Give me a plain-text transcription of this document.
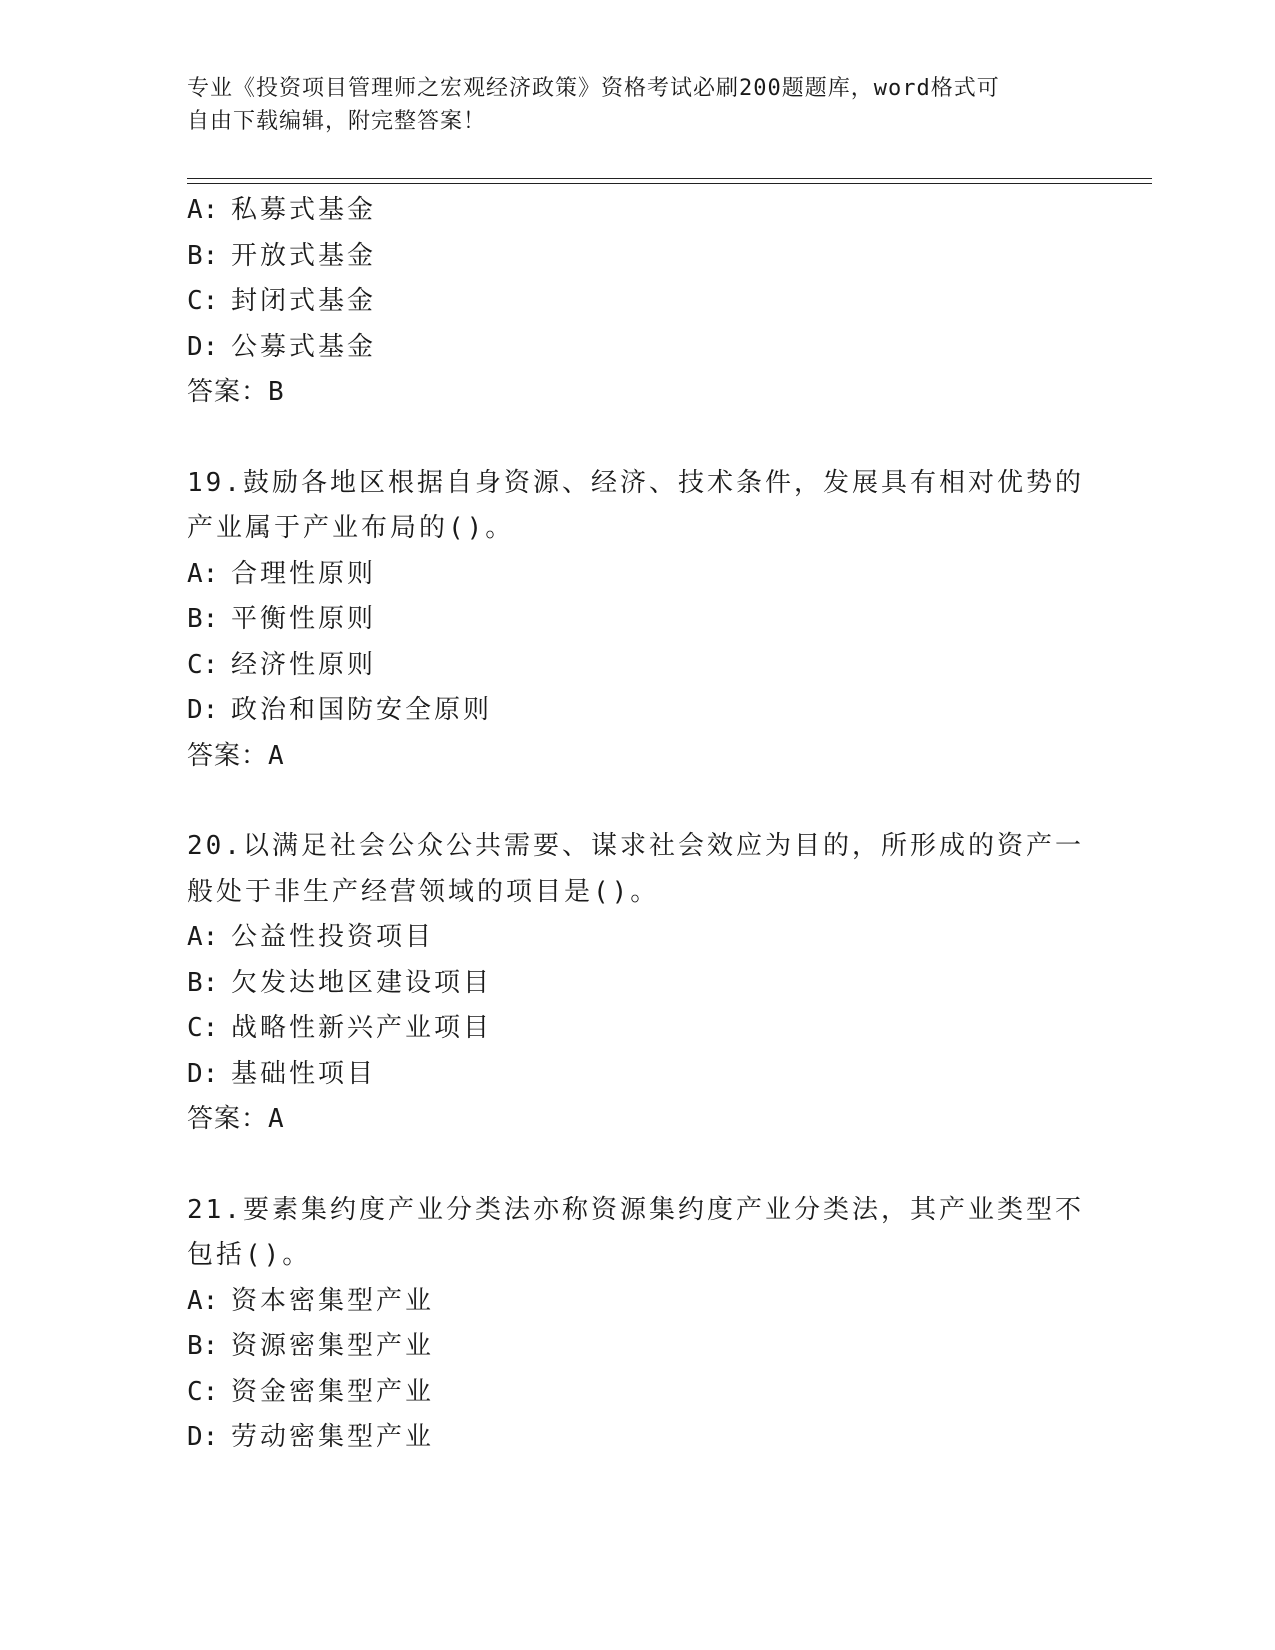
专业《投资项目管理师之宏观经济政策》资格考试必刷200题题库，word格式可
自由下载编辑，附完整答案！
A: 私募式基金
B: 开放式基金
C: 封闭式基金
D: 公募式基金
答案：B
19.鼓励各地区根据自身资源、经济、技术条件，发展具有相对优势的
产业属于产业布局的()。
A: 合理性原则
B: 平衡性原则
C: 经济性原则
D: 政治和国防安全原则
答案：A
20.以满足社会公众公共需要、谋求社会效应为目的，所形成的资产一
般处于非生产经营领域的项目是()。
A: 公益性投资项目
B: 欠发达地区建设项目
C: 战略性新兴产业项目
D: 基础性项目
答案：A
21.要素集约度产业分类法亦称资源集约度产业分类法，其产业类型不
包括()。
A: 资本密集型产业
B: 资源密集型产业
C: 资金密集型产业
D: 劳动密集型产业
